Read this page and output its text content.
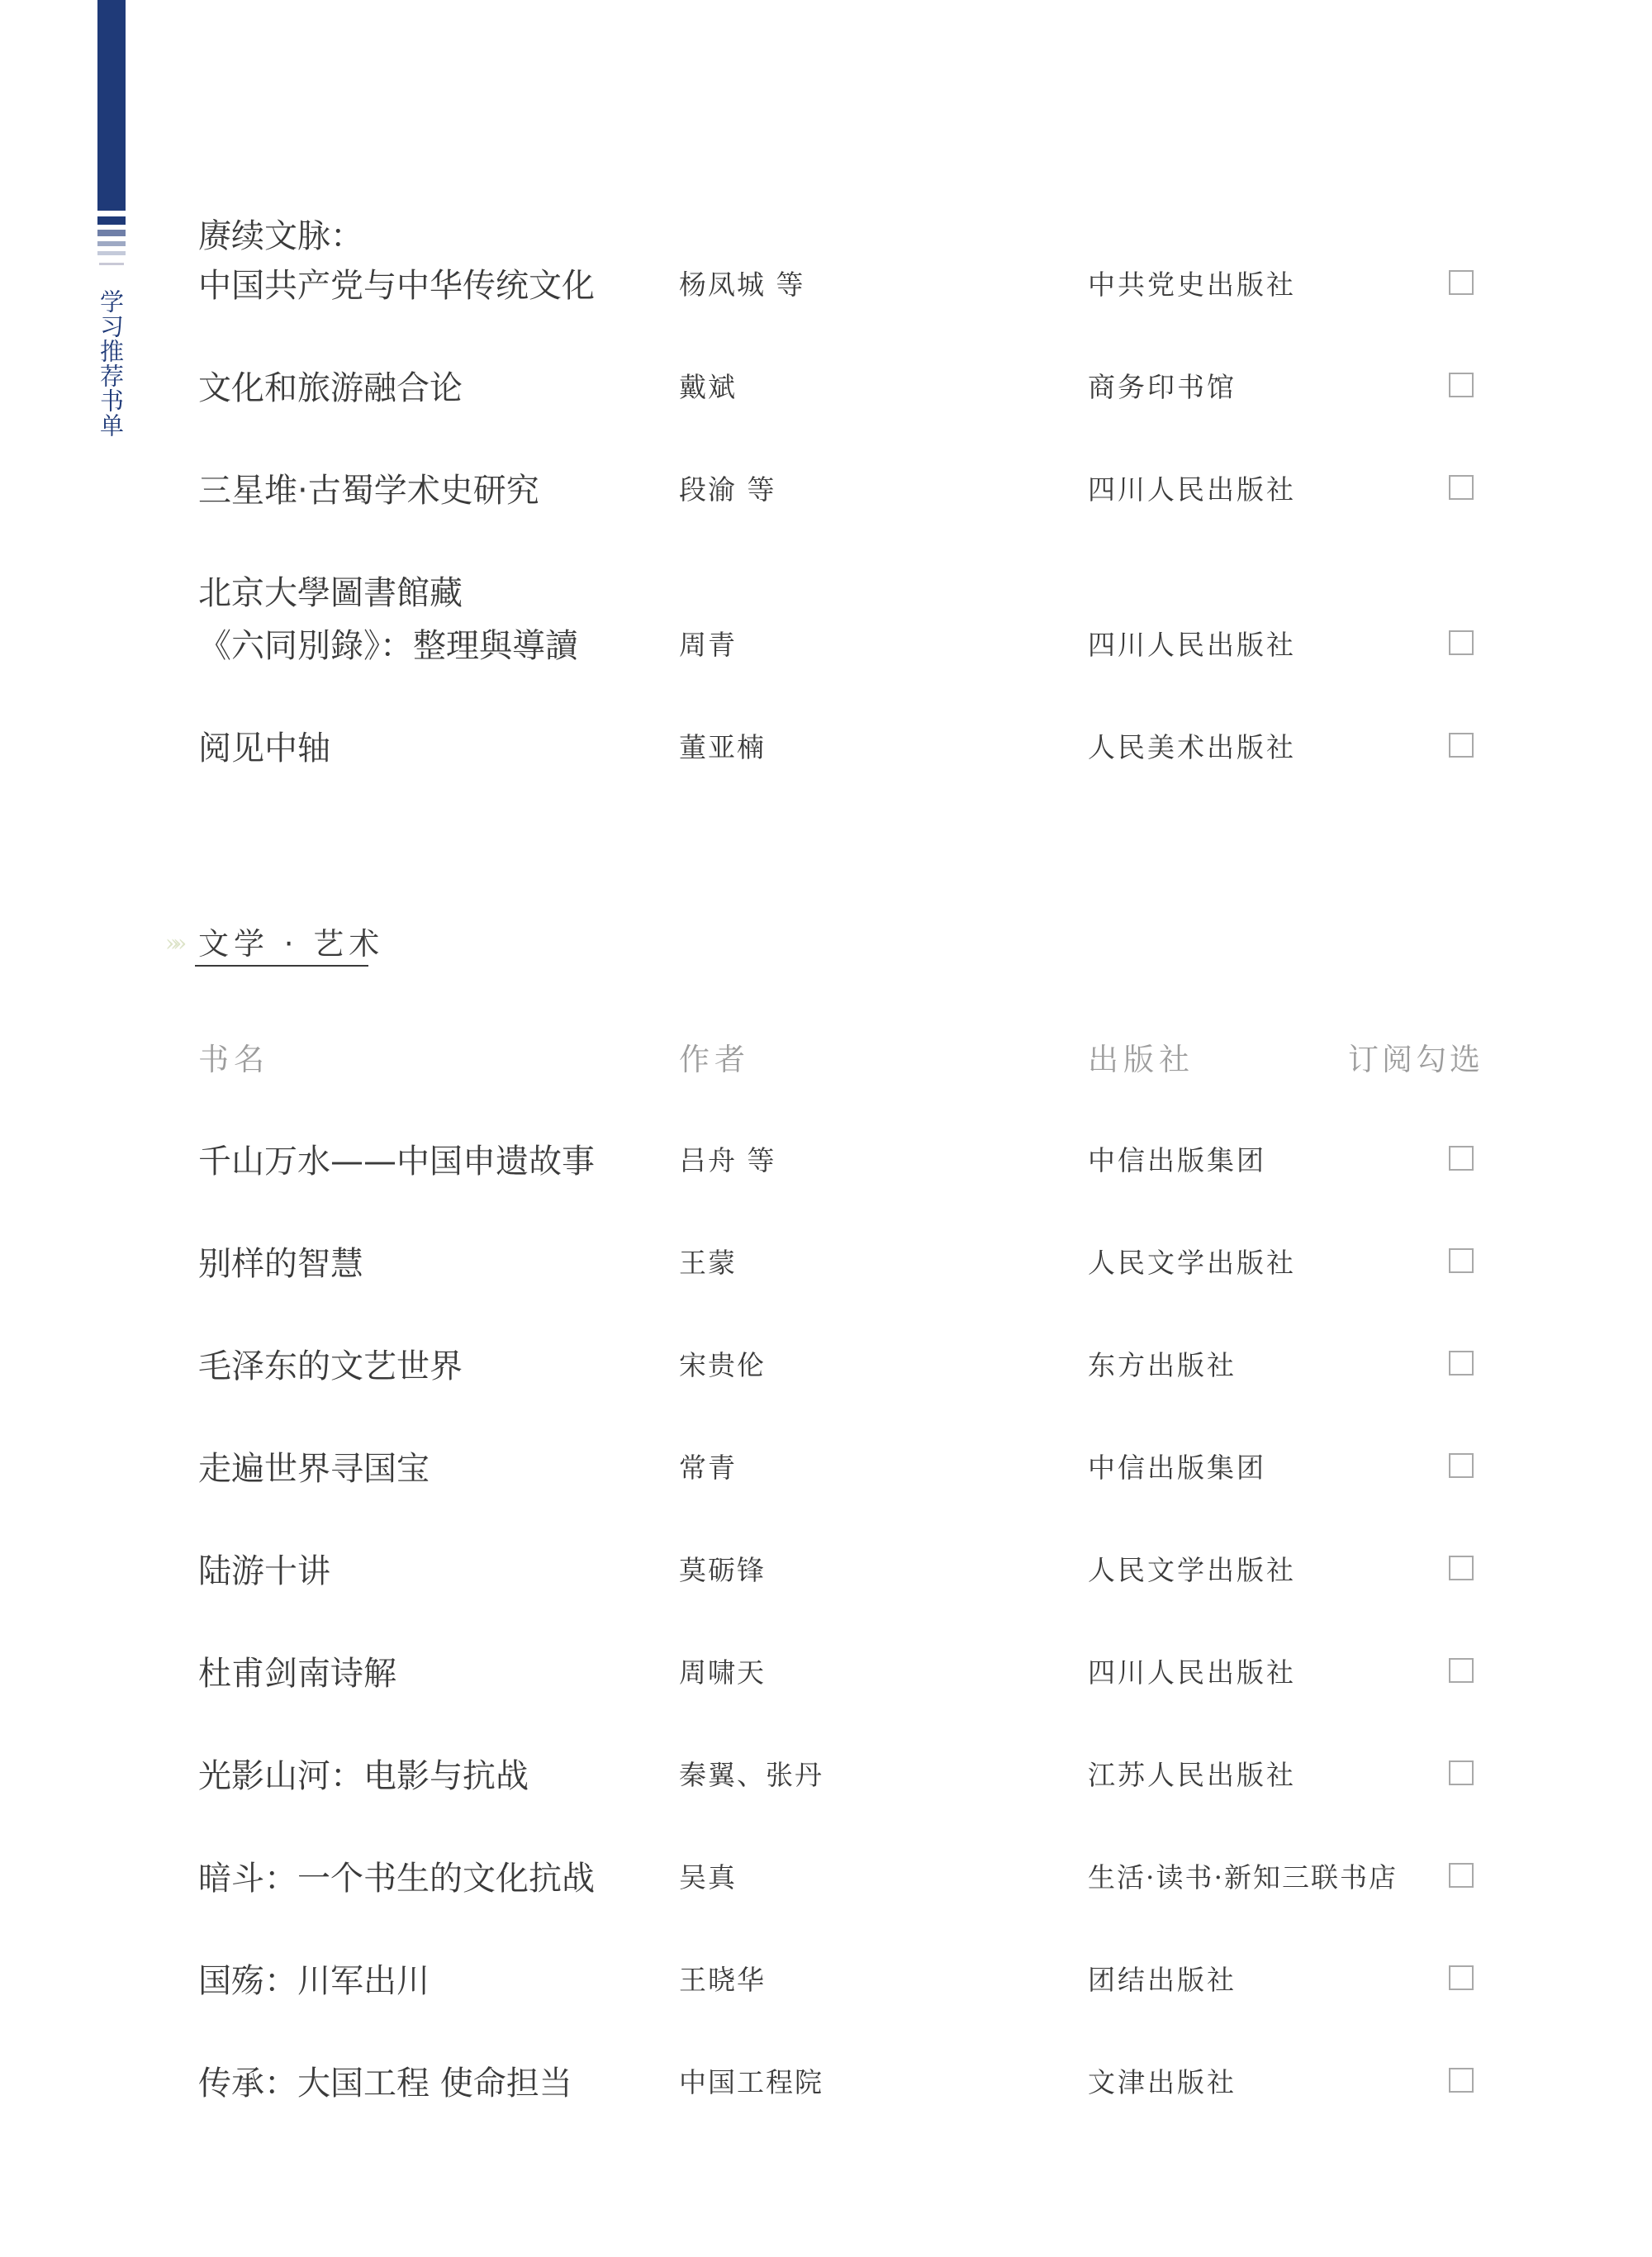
学习推荐书单
赓续文脉：
中国共产党与中华传统文化	杨凤城 等	中共党史出版社
文化和旅游融合论	戴斌	商务印书馆
三星堆·古蜀学术史研究	段渝 等	四川人民出版社
北京大學圖書館藏
《六同別錄》：整理與導讀	周青	四川人民出版社
阅见中轴	董亚楠	人民美术出版社
»» 文学 · 艺术
书名	作者	出版社	订阅勾选
千山万水——中国申遗故事	吕舟 等	中信出版集团
别样的智慧	王蒙	人民文学出版社
毛泽东的文艺世界	宋贵伦	东方出版社
走遍世界寻国宝	常青	中信出版集团
陆游十讲	莫砺锋	人民文学出版社
杜甫剑南诗解	周啸天	四川人民出版社
光影山河：电影与抗战	秦翼、张丹	江苏人民出版社
暗斗：一个书生的文化抗战	吴真	生活·读书·新知三联书店
国殇：川军出川	王晓华	团结出版社
传承：大国工程 使命担当	中国工程院	文津出版社
